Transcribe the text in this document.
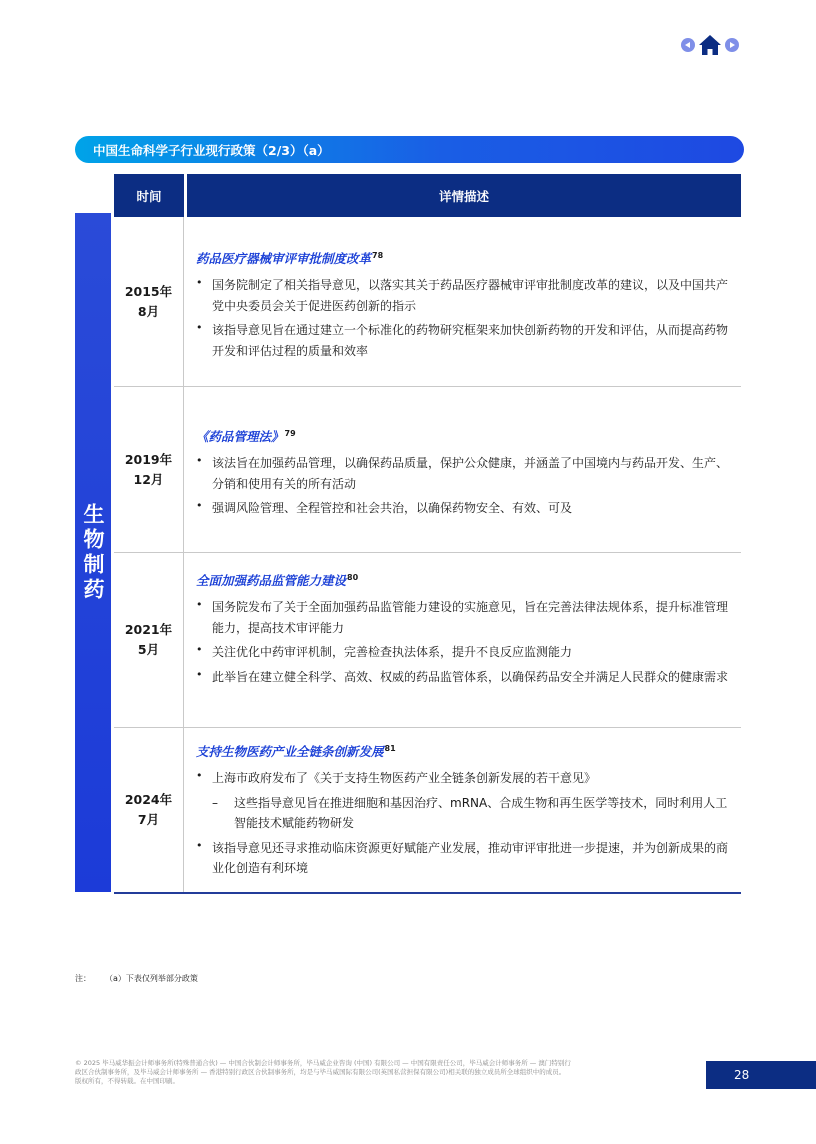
中国生命科学子行业现行政策（2/3）（a）
时间	详情描述
生物制药
2015年
8月
药品医疗器械审评审批制度改革$^{78}$
• 国务院制定了相关指导意见，以落实其关于药品医疗器械审评审批制度改革的建议，以及中国共产党中央委员会关于促进医药创新的指示
• 该指导意见旨在通过建立一个标准化的药物研究框架来加快创新药物的开发和评估，从而提高药物开发和评估过程的质量和效率
2019年
12月
《药品管理法》$^{79}$
• 该法旨在加强药品管理，以确保药品质量，保护公众健康，并涵盖了中国境内与药品开发、生产、分销和使用有关的所有活动
• 强调风险管理、全程管控和社会共治，以确保药物安全、有效、可及
2021年
5月
全面加强药品监管能力建设$^{80}$
• 国务院发布了关于全面加强药品监管能力建设的实施意见，旨在完善法律法规体系，提升标准管理能力，提高技术审评能力
• 关注优化中药审评机制，完善检查执法体系，提升不良反应监测能力
• 此举旨在建立健全科学、高效、权威的药品监管体系，以确保药品安全并满足人民群众的健康需求
2024年
7月
支持生物医药产业全链条创新发展$^{81}$
• 上海市政府发布了《关于支持生物医药产业全链条创新发展的若干意见》
– 这些指导意见旨在推进细胞和基因治疗、mRNA、合成生物和再生医学等技术，同时利用人工智能技术赋能药物研发
• 该指导意见还寻求推动临床资源更好赋能产业发展，推动审评审批进一步提速，并为创新成果的商业化创造有利环境
注： （a）下表仅列举部分政策
© 2025 毕马威华振会计师事务所(特殊普通合伙) — 中国合伙制会计师事务所，毕马威企业咨询 (中国) 有限公司 — 中国有限责任公司，毕马威会计师事务所 — 澳门特别行
政区合伙制事务所，及毕马威会计师事务所 — 香港特别行政区合伙制事务所，均是与毕马威国际有限公司(英国私营担保有限公司)相关联的独立成员所全球组织中的成员。
版权所有，不得转载。在中国印刷。	28
